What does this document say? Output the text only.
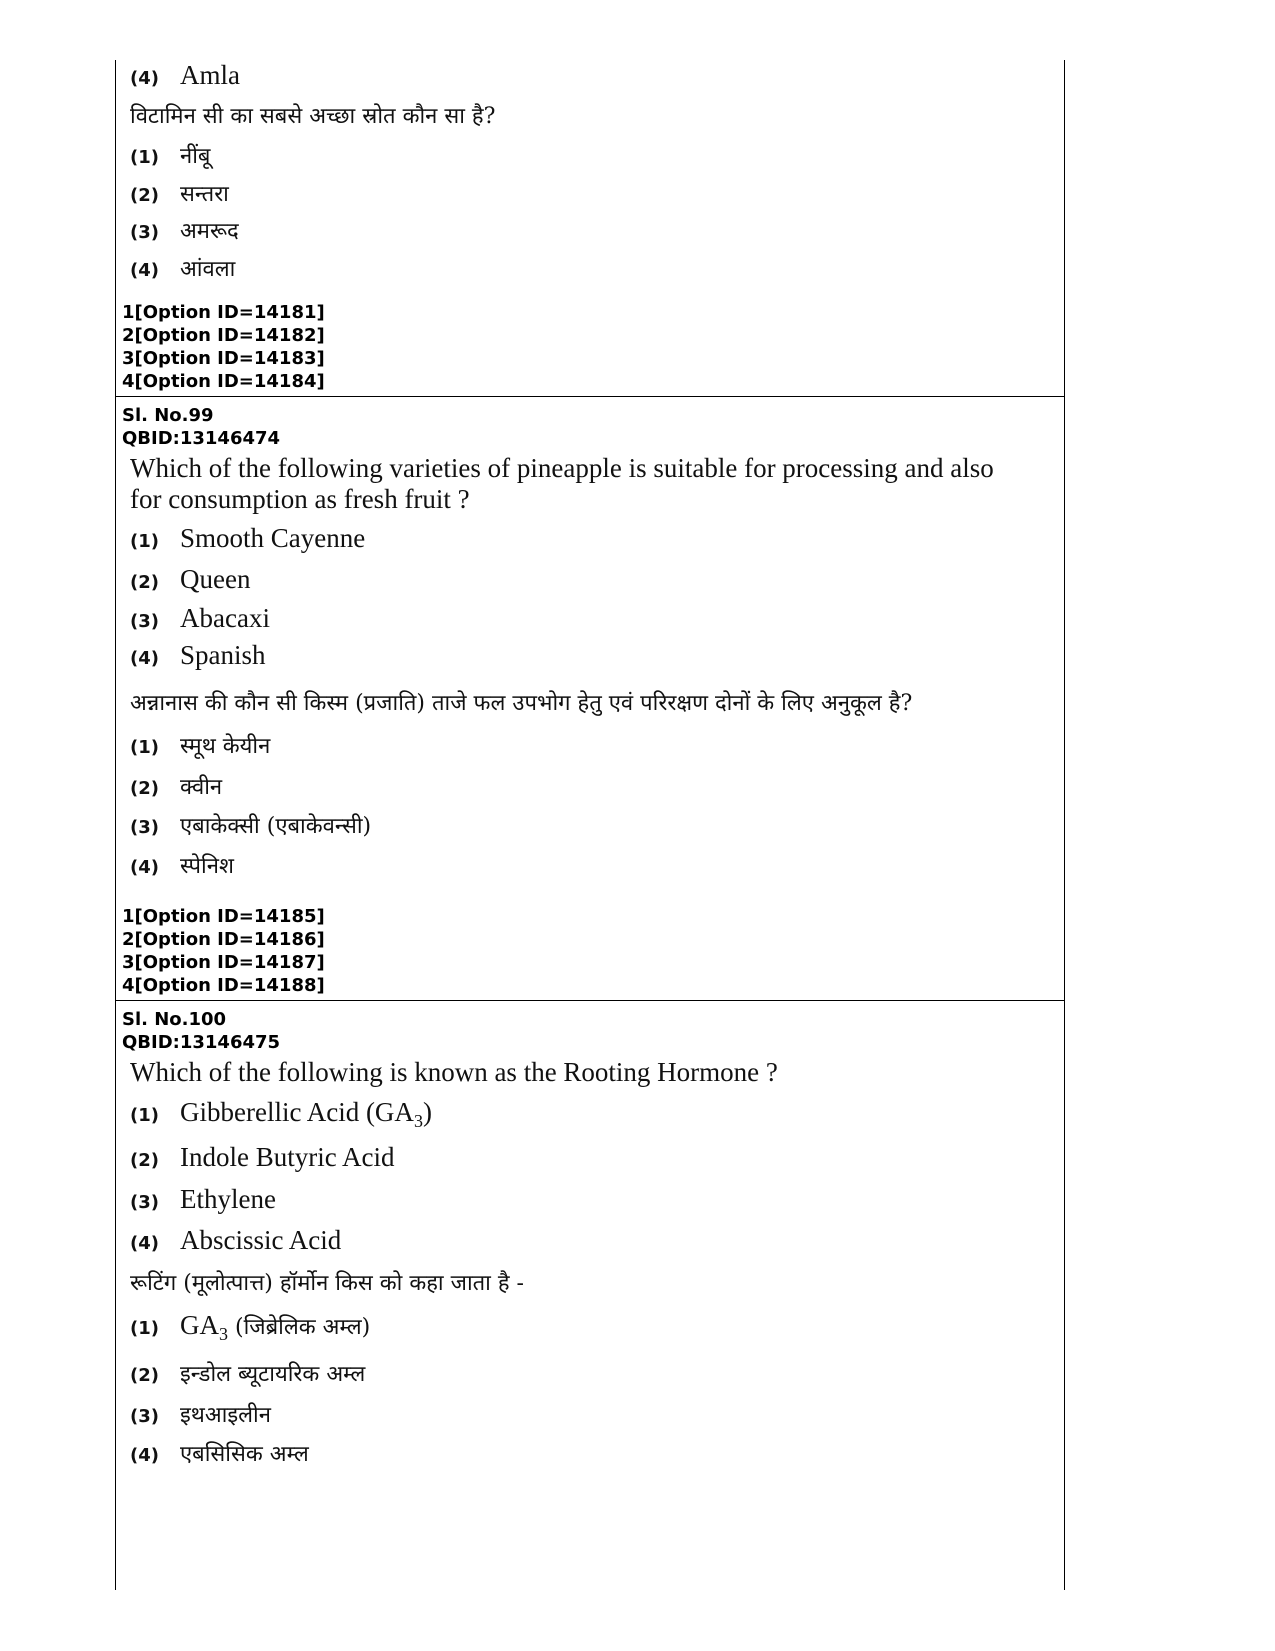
(4) Amla
विटामिन सी का सबसे अच्छा स्रोत कौन सा है?
(1) नींबू
(2) सन्तरा
(3) अमरूद
(4) आंवला
1[Option ID=14181]
2[Option ID=14182]
3[Option ID=14183]
4[Option ID=14184]
Sl. No.99
QBID:13146474
Which of the following varieties of pineapple is suitable for processing and also for consumption as fresh fruit ?
(1) Smooth Cayenne
(2) Queen
(3) Abacaxi
(4) Spanish
अन्नानास की कौन सी किस्म (प्रजाति) ताजे फल उपभोग हेतु एवं परिरक्षण दोनों के लिए अनुकूल है?
(1) स्मूथ केयीन
(2) क्वीन
(3) एबाकेक्सी (एबाकेवन्सी)
(4) स्पेनिश
1[Option ID=14185]
2[Option ID=14186]
3[Option ID=14187]
4[Option ID=14188]
Sl. No.100
QBID:13146475
Which of the following is known as the Rooting Hormone ?
(1) Gibberellic Acid $(GA_3)$
(2) Indole Butyric Acid
(3) Ethylene
(4) Abscissic Acid
रूटिंग (मूलोत्पात्त) हॉर्मोन किस को कहा जाता है -
(1) $GA_3$ (जिब्रेलिक अम्ल)
(2) इन्डोल ब्यूटायरिक अम्ल
(3) इथआइलीन
(4) एबसिसिक अम्ल
